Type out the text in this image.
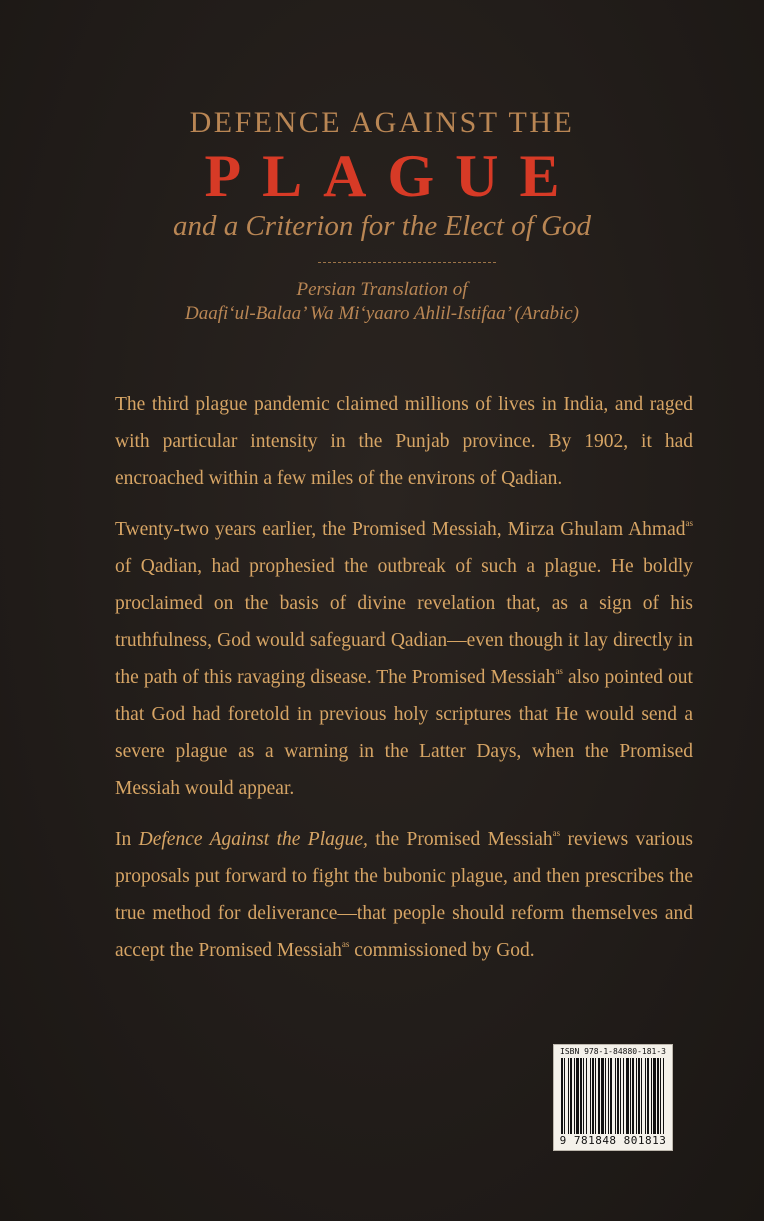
DEFENCE AGAINST THE
PLAGUE
and a Criterion for the Elect of God
Persian Translation of
Daafi‘ul-Balaa’ Wa Mi‘yaaro Ahlil-Istifaa’ (Arabic)

The third plague pandemic claimed millions of lives in India, and raged with particular intensity in the Punjab province. By 1902, it had encroached within a few miles of the environs of Qadian.

Twenty-two years earlier, the Promised Messiah, Mirza Ghulam Ahmad$^{as}$ of Qadian, had prophesied the outbreak of such a plague. He boldly proclaimed on the basis of divine revelation that, as a sign of his truthfulness, God would safeguard Qadian—even though it lay directly in the path of this ravaging disease. The Promised Messiah$^{as}$ also pointed out that God had foretold in previous holy scriptures that He would send a severe plague as a warning in the Latter Days, when the Promised Messiah would appear.

In Defence Against the Plague, the Promised Messiah$^{as}$ reviews various proposals put forward to fight the bubonic plague, and then prescribes the true method for deliverance—that people should reform themselves and accept the Promised Messiah$^{as}$ commissioned by God.

ISBN 978-1-84880-181-3
9 781848 801813
